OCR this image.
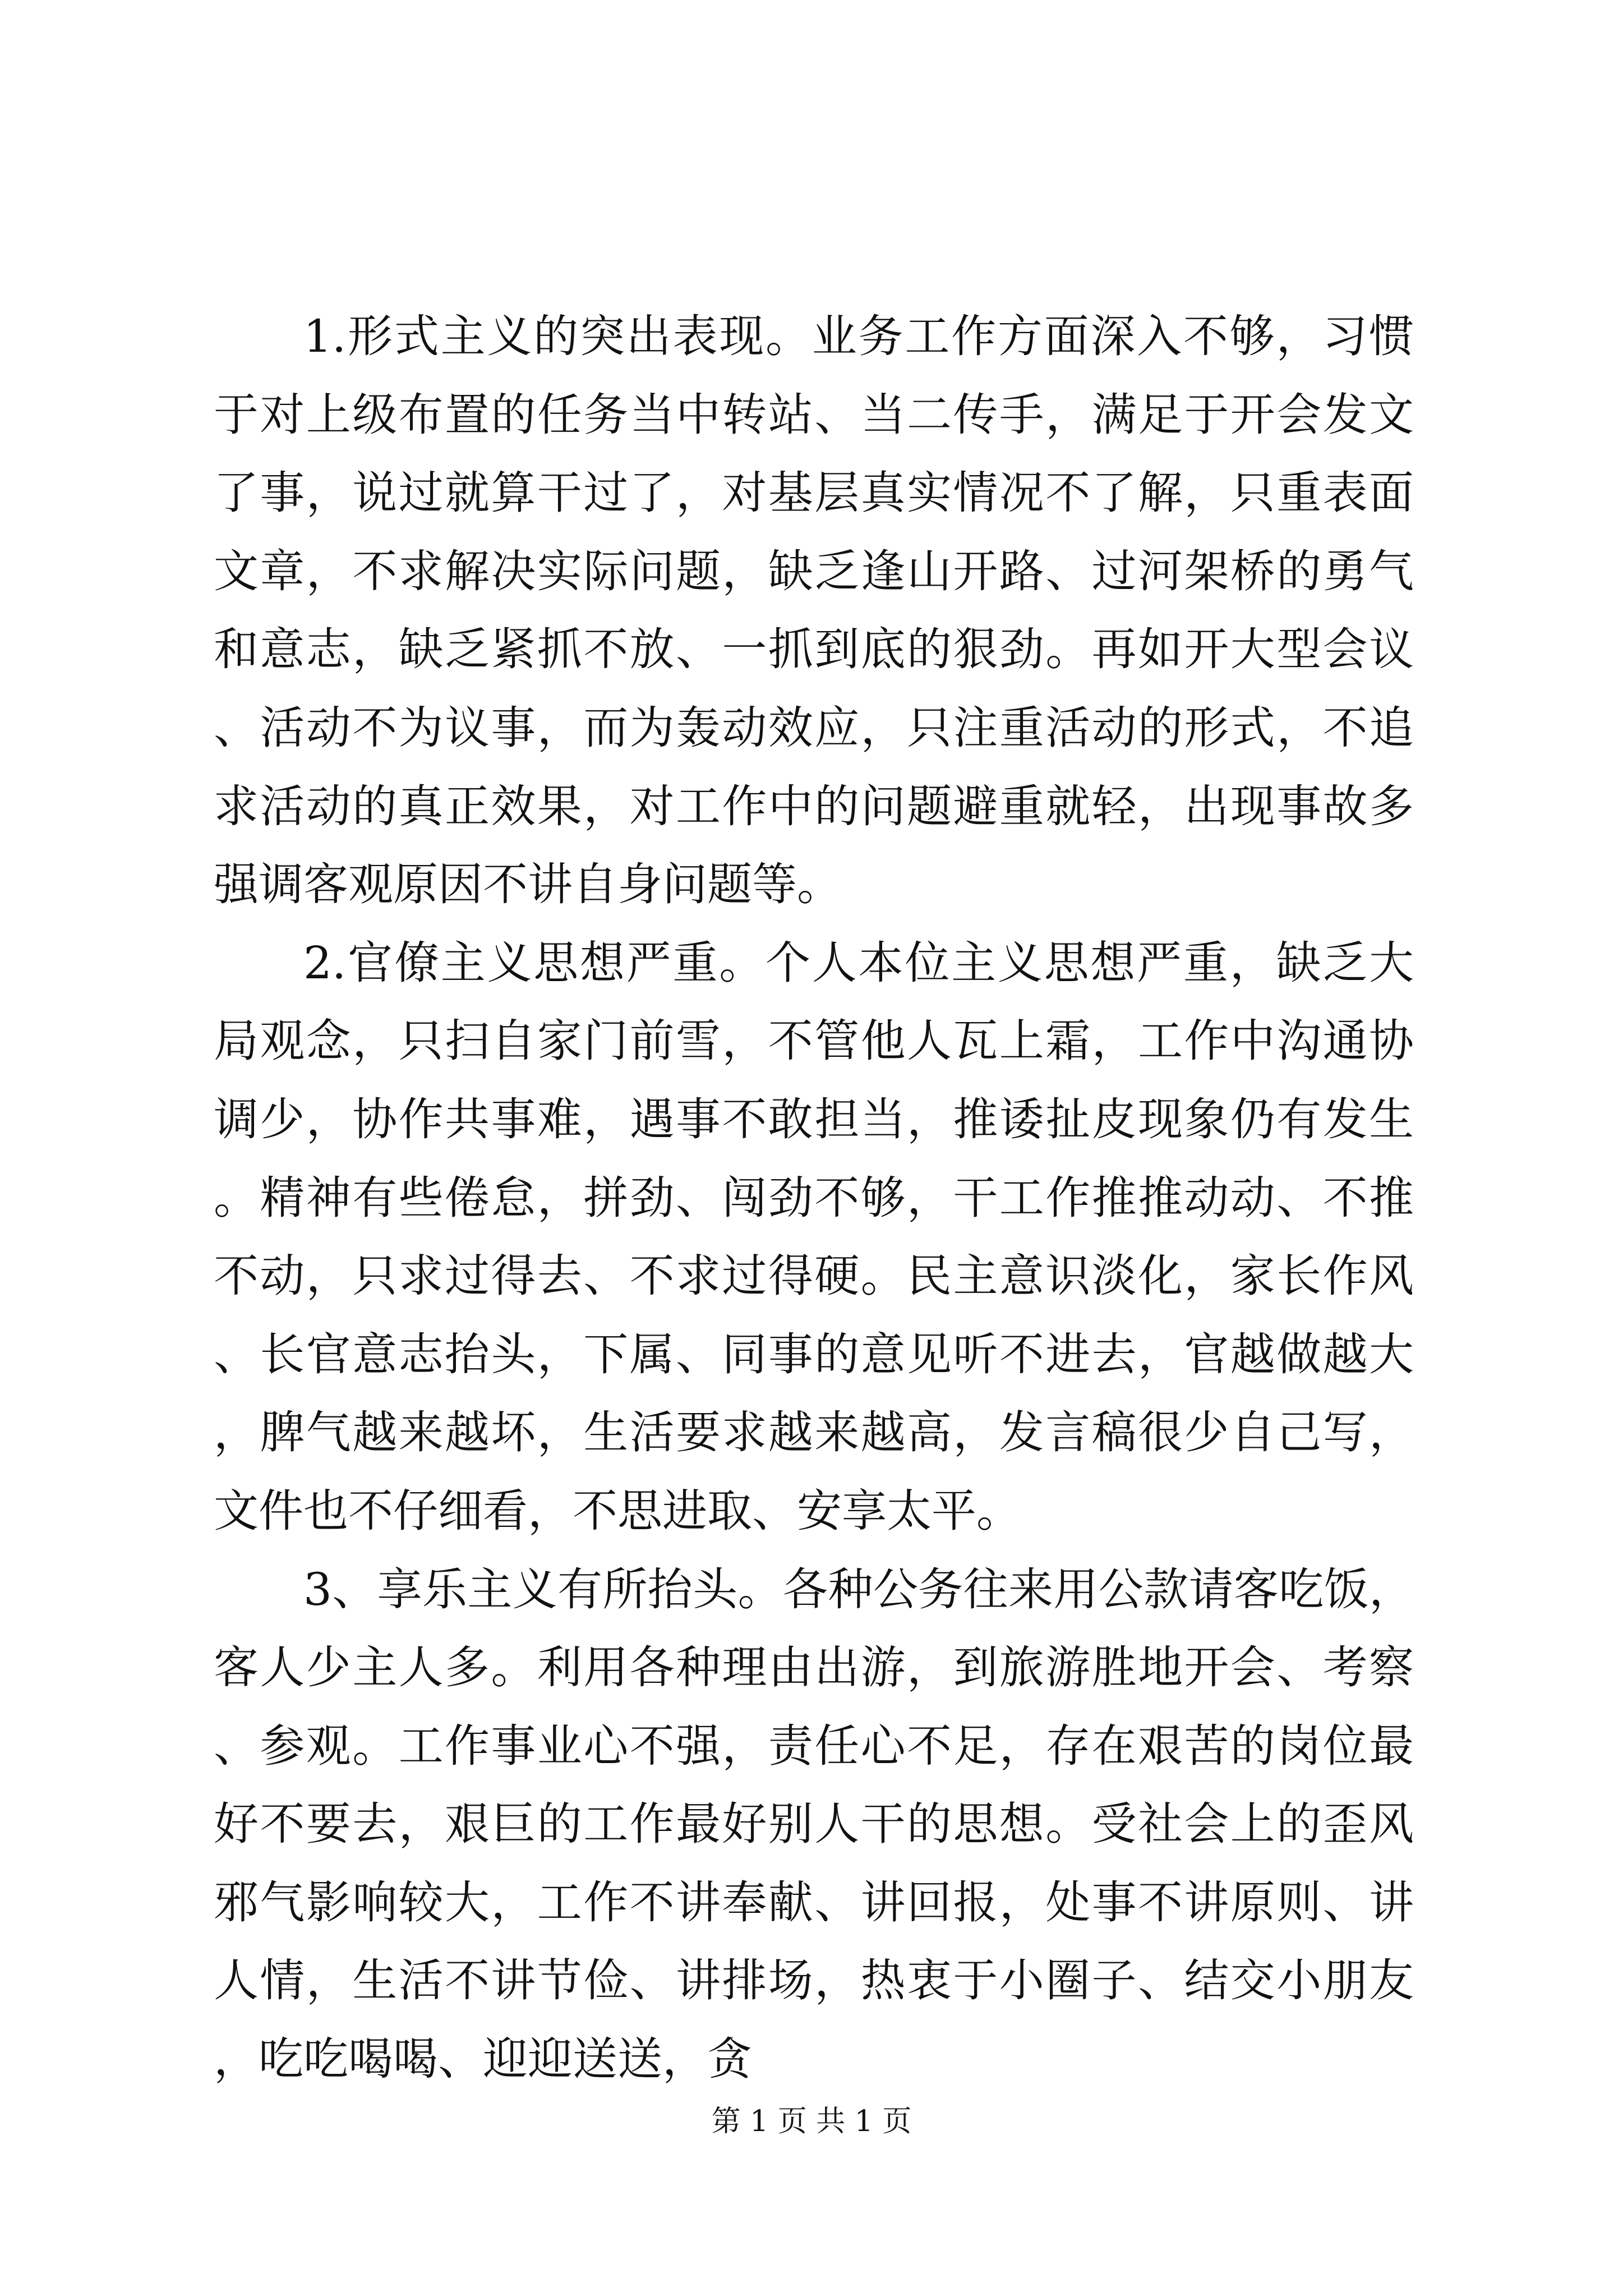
1.形式主义的突出表现。业务工作方面深入不够，习惯于对上级布置的任务当中转站、当二传手，满足于开会发文了事，说过就算干过了，对基层真实情况不了解，只重表面文章，不求解决实际问题，缺乏逢山开路、过河架桥的勇气和意志，缺乏紧抓不放、一抓到底的狠劲。再如开大型会议、活动不为议事，而为轰动效应，只注重活动的形式，不追求活动的真正效果，对工作中的问题避重就轻，出现事故多强调客观原因不讲自身问题等。

2.官僚主义思想严重。个人本位主义思想严重，缺乏大局观念，只扫自家门前雪，不管他人瓦上霜，工作中沟通协调少，协作共事难，遇事不敢担当，推诿扯皮现象仍有发生。精神有些倦怠，拼劲、闯劲不够，干工作推推动动、不推不动，只求过得去、不求过得硬。民主意识淡化，家长作风、长官意志抬头，下属、同事的意见听不进去，官越做越大，脾气越来越坏，生活要求越来越高，发言稿很少自己写，文件也不仔细看，不思进取、安享太平。

3、享乐主义有所抬头。各种公务往来用公款请客吃饭，客人少主人多。利用各种理由出游，到旅游胜地开会、考察、参观。工作事业心不强，责任心不足，存在艰苦的岗位最好不要去，艰巨的工作最好别人干的思想。受社会上的歪风邪气影响较大，工作不讲奉献、讲回报，处事不讲原则、讲人情，生活不讲节俭、讲排场，热衷于小圈子、结交小朋友，吃吃喝喝、迎迎送送，贪

第 1 页 共 1 页
